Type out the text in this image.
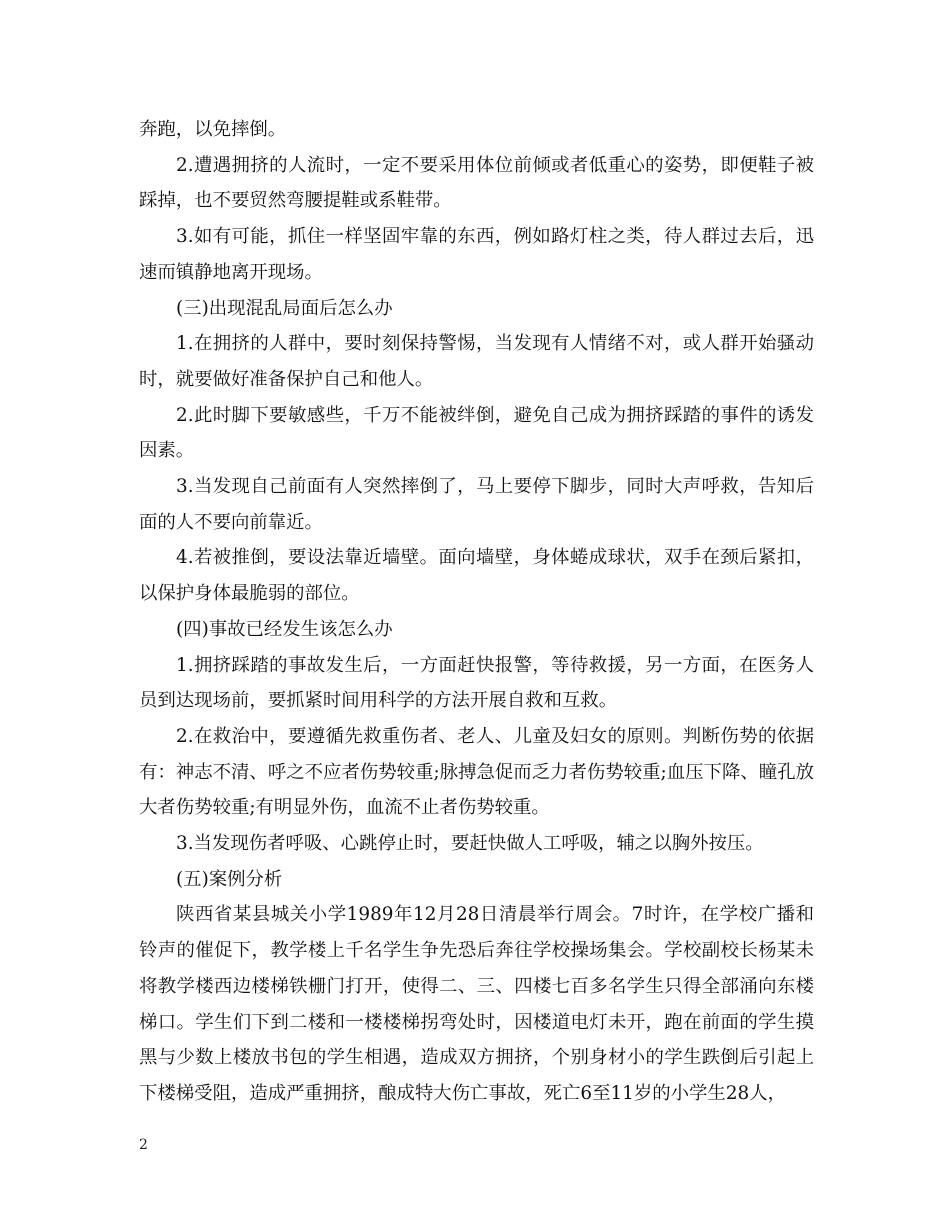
奔跑，以免摔倒。

2.遭遇拥挤的人流时，一定不要采用体位前倾或者低重心的姿势，即便鞋子被踩掉，也不要贸然弯腰提鞋或系鞋带。

3.如有可能，抓住一样坚固牢靠的东西，例如路灯柱之类，待人群过去后，迅速而镇静地离开现场。

(三)出现混乱局面后怎么办

1.在拥挤的人群中，要时刻保持警惕，当发现有人情绪不对，或人群开始骚动时，就要做好准备保护自己和他人。

2.此时脚下要敏感些，千万不能被绊倒，避免自己成为拥挤踩踏的事件的诱发因素。

3.当发现自己前面有人突然摔倒了，马上要停下脚步，同时大声呼救，告知后面的人不要向前靠近。

4.若被推倒，要设法靠近墙壁。面向墙壁，身体蜷成球状，双手在颈后紧扣，以保护身体最脆弱的部位。

(四)事故已经发生该怎么办

1.拥挤踩踏的事故发生后，一方面赶快报警，等待救援，另一方面，在医务人员到达现场前，要抓紧时间用科学的方法开展自救和互救。

2.在救治中，要遵循先救重伤者、老人、儿童及妇女的原则。判断伤势的依据有：神志不清、呼之不应者伤势较重;脉搏急促而乏力者伤势较重;血压下降、瞳孔放大者伤势较重;有明显外伤，血流不止者伤势较重。

3.当发现伤者呼吸、心跳停止时，要赶快做人工呼吸，辅之以胸外按压。

(五)案例分析

陕西省某县城关小学1989年12月28日清晨举行周会。7时许，在学校广播和铃声的催促下，教学楼上千名学生争先恐后奔往学校操场集会。学校副校长杨某未将教学楼西边楼梯铁栅门打开，使得二、三、四楼七百多名学生只得全部涌向东楼梯口。学生们下到二楼和一楼楼梯拐弯处时，因楼道电灯未开，跑在前面的学生摸黑与少数上楼放书包的学生相遇，造成双方拥挤，个别身材小的学生跌倒后引起上下楼梯受阻，造成严重拥挤，酿成特大伤亡事故，死亡6至11岁的小学生28人，

2
